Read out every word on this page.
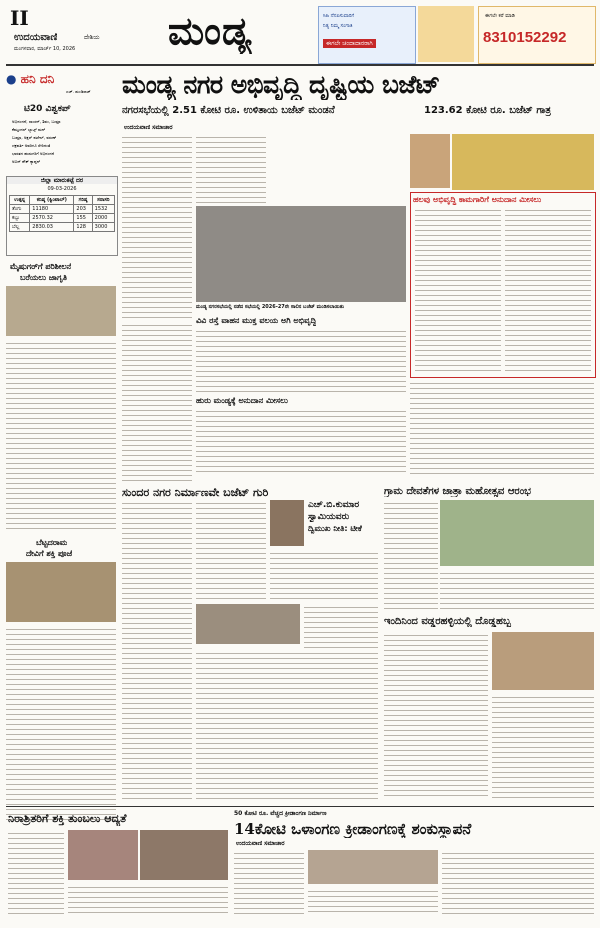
II
ಉದಯವಾಣಿ	ದೇಶಿಯ
ಮಂಗಳವಾರ, ಮಾರ್ಚ್ 10, 2026 ಮಂಡ್ಯ	ಸಿಹಿ ನೆನಪಿಸುವಾರಿಗೆ
ನಿತ್ಯ ನಿಮ್ಮ ಸಂಗಾತಿ
ಈಗಲೇ ಚಂದಾದಾರರಾಗಿ
ಈಗಲೇ ಕರೆ ಮಾಡಿ
8310152292
● ಹನಿ ದನಿ
ಎಚ್. ಡುಂಡಿರಾಜ್
ಟಿ20 ವಿಶ್ವಕಪ್
ಅಭಿನಂದನೆ, ಸಾಂಸನ್, ಶಿವಂ, ಬುಮ್ರಾ
ಕೆಮ್ಮಂದಲ್ ಬ್ಯಾಟ್ಸ್ ಮನ್
ಬುಮ್ರಾ, ಅಕ್ಷರ್ ಪಟೇಲ್, ವರುಣ್
ಚಕ್ರವರ್ತಿ ಅವರಿಗೂ ಸೇರಿದಂತೆ
ಭಾರತದ ಹುಡುಗರಿಗೆ ಅಭಿನಂದನೆ
ಅಬಿನ್ ಶೌಕ್ ಕ್ಯಾಪ್ಟನ್
ಜಿಲ್ಲಾ ಮಾರುಕಟ್ಟೆ ದರ
09-03-2026
ಉತ್ಪನ್ನ	ಕನಿಷ್ಠ (ಕ್ವಿಂಟಾಲ್)	ಗರಿಷ್ಠ	ಸರಾಸರಿ
ತೆಂಗು	11180	203	1532
ಕಬ್ಬು	2570.32	155	2000
ಬೆಲ್ಲ	2830.03	128	3000
ಮೈಷುಗರ್‌ಗೆ ಪರಿಶೀಲನೆ
ಬರೆಯಲು ಜಾಗೃತಿ
ಬೆಟ್ಟದರಾಮ
ದೇವಿಗೆ ಶಕ್ತಿ ಪೂಜೆ
ಮಂಡ್ಯ ನಗರ ಅಭಿವೃದ್ಧಿ ದೃಷ್ಟಿಯ ಬಜೆಟ್
ನಗರಸಭೆಯಲ್ಲಿ 2.51 ಕೋಟಿ ರೂ. ಉಳಿತಾಯ ಬಜೆಟ್ ಮಂಡನೆ	123.62 ಕೋಟಿ ರೂ. ಬಜೆಟ್ ಗಾತ್ರ
ಉದಯವಾಣಿ ಸಮಾಚಾರ
ಮಂಡ್ಯ ನಗರಸಭೆಯಲ್ಲಿ ನಡೆದ ಸಭೆಯಲ್ಲಿ 2026-27ನೇ ಸಾಲಿನ ಬಜೆಟ್ ಮಂಡಿಸಲಾಯಿತು
ವಿವಿ ರಸ್ತೆ ವಾಹನ ಮುಕ್ತ ವಲಯ ಅಗಿ ಅಭಿವೃದ್ಧಿ
ಹುರು ಮಂಡ್ಯಕ್ಕೆ ಅನುದಾನ ಮೀಸಲು
ಹಲವು ಅಭಿವೃದ್ಧಿ ಕಾಮಗಾರಿಗೆ ಅನುದಾನ ಮೀಸಲು
ಸುಂದರ ನಗರ ನಿರ್ಮಾಣವೇ ಬಜೆಟ್ ಗುರಿ
ಎಚ್.ಬಿ.ಕುಮಾರ
ಸ್ವಾಮಿಯವರು
ದ್ವಿಮುಖ ನೀತಿ: ಟೀಕೆ
ಗ್ರಾಮ ದೇವತೆಗಳ ಜಾತ್ರಾ ಮಹೋತ್ಸವ ಆರಂಭ
ಇಂದಿನಿಂದ ವಡ್ಡರಹಳ್ಳಿಯಲ್ಲಿ ದೊಡ್ಡಹಬ್ಬ
ನಿರಾಶ್ರಿತರಿಗೆ ಶಕ್ತಿ ತುಂಬಲು ಆದ್ಯತೆ	50 ಕೋಟಿ ರೂ. ವೆಚ್ಚದ ಕ್ರೀಡಾಂಗಣ ನಿರ್ಮಾಣ
14ಕೋಟಿ ಒಳಾಂಗಣ ಕ್ರೀಡಾಂಗಣಕ್ಕೆ ಶಂಕುಸ್ಥಾಪನೆ
ಉದಯವಾಣಿ ಸಮಾಚಾರ
